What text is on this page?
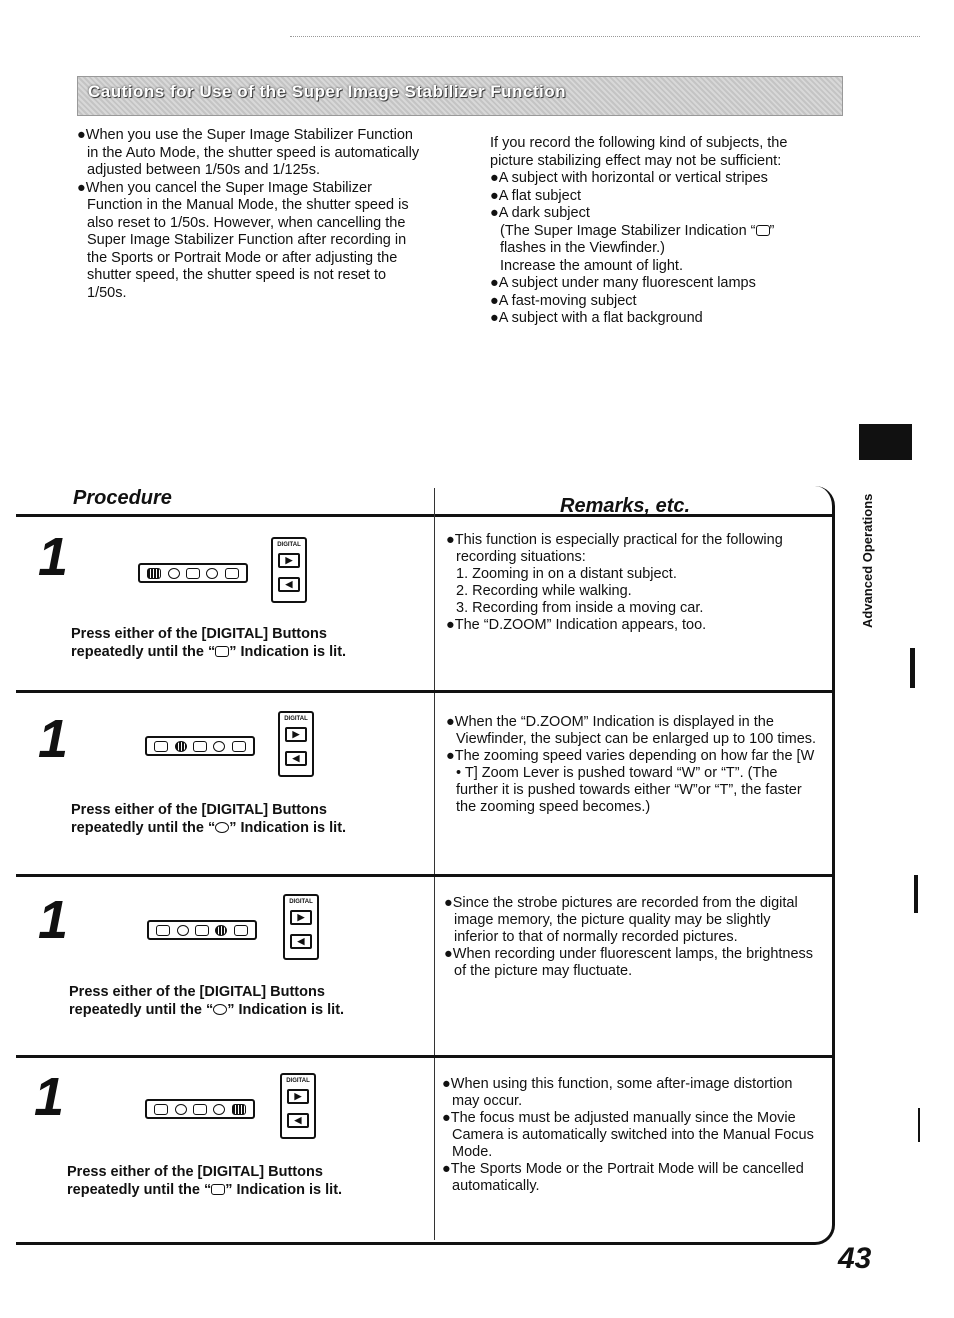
Cautions for Use of the Super Image Stabilizer Function
●When you use the Super Image Stabilizer Function in the Auto Mode, the shutter speed is automatically adjusted between 1/50s and 1/125s.
●When you cancel the Super Image Stabilizer Function in the Manual Mode, the shutter speed is also reset to 1/50s. However, when cancelling the Super Image Stabilizer Function after recording in the Sports or Portrait Mode or after adjusting the shutter speed, the shutter speed is not reset to 1/50s.
If you record the following kind of subjects, the picture stabilizing effect may not be sufficient:
●A subject with horizontal or vertical stripes
●A flat subject
●A dark subject
(The Super Image Stabilizer Indication “ ” flashes in the Viewfinder.)
Increase the amount of light.
●A subject under many fluorescent lamps
●A fast-moving subject
●A subject with a flat background
Advanced Operations
Procedure	Remarks, etc.
1	···
DIGITAL
▶
◀
Press either of the [DIGITAL] Buttons
repeatedly until the “ ” Indication is lit.
●This function is especially practical for the following recording situations:
1. Zooming in on a distant subject.
2. Recording while walking.
3. Recording from inside a moving car.
●The “D.ZOOM” Indication appears, too.
1	···
DIGITAL
▶
◀
Press either of the [DIGITAL] Buttons
repeatedly until the “ ” Indication is lit.
●When the “D.ZOOM” Indication is displayed in the Viewfinder, the subject can be enlarged up to 100 times.
●The zooming speed varies depending on how far the [W • T] Zoom Lever is pushed toward “W” or “T”. (The further it is pushed towards either “W”or “T”, the faster the zooming speed becomes.)
1	···
DIGITAL
▶
◀
Press either of the [DIGITAL] Buttons
repeatedly until the “ ” Indication is lit.
●Since the strobe pictures are recorded from the digital image memory, the picture quality may be slightly inferior to that of normally recorded pictures.
●When recording under fluorescent lamps, the brightness of the picture may fluctuate.
1	···
DIGITAL
▶
◀
Press either of the [DIGITAL] Buttons
repeatedly until the “ ” Indication is lit.
●When using this function, some after-image distortion may occur.
●The focus must be adjusted manually since the Movie Camera is automatically switched into the Manual Focus Mode.
●The Sports Mode or the Portrait Mode will be cancelled automatically.
43
